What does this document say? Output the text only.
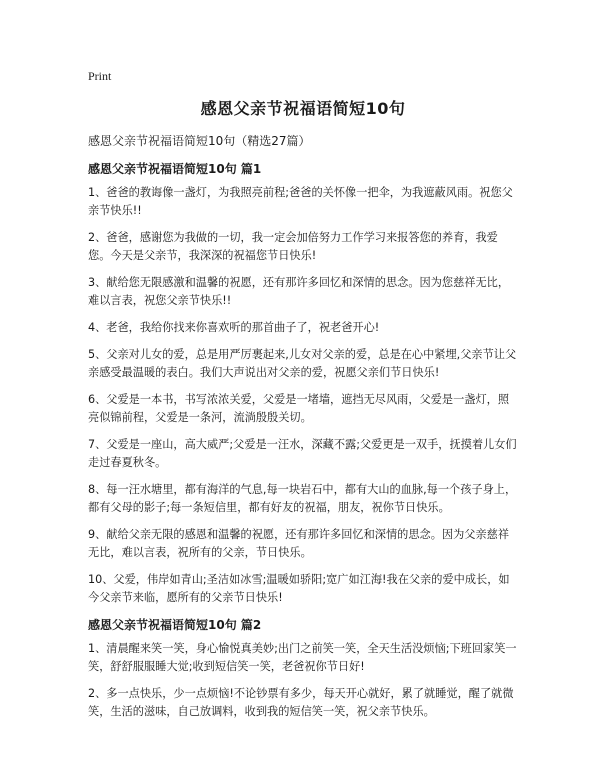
Print
感恩父亲节祝福语简短10句
感恩父亲节祝福语简短10句（精选27篇）
感恩父亲节祝福语简短10句 篇1

1、爸爸的教诲像一盏灯，为我照亮前程;爸爸的关怀像一把伞，为我遮蔽风雨。祝您父亲节快乐!!

2、爸爸，感谢您为我做的一切，我一定会加倍努力工作学习来报答您的养育，我爱您。今天是父亲节，我深深的祝福您节日快乐!

3、献给您无限感激和温馨的祝愿，还有那许多回忆和深情的思念。因为您慈祥无比，难以言表，祝您父亲节快乐!!

4、老爸，我给你找来你喜欢听的那首曲子了，祝老爸开心!

5、父亲对儿女的爱，总是用严厉裹起来,儿女对父亲的爱，总是在心中紧埋,父亲节让父亲感受最温暖的表白。我们大声说出对父亲的爱，祝愿父亲们节日快乐!

6、父爱是一本书，书写浓浓关爱，父爱是一堵墙，遮挡无尽风雨，父爱是一盏灯，照亮似锦前程，父爱是一条河，流淌殷殷关切。

7、父爱是一座山，高大威严;父爱是一汪水，深藏不露;父爱更是一双手，抚摸着儿女们走过春夏秋冬。

8、每一汪水塘里，都有海洋的气息,每一块岩石中，都有大山的血脉,每一个孩子身上，都有父母的影子;每一条短信里，都有好友的祝福，朋友，祝你节日快乐。

9、献给父亲无限的感恩和温馨的祝愿，还有那许多回忆和深情的思念。因为父亲慈祥无比，难以言表，祝所有的父亲，节日快乐。

10、父爱，伟岸如青山;圣洁如冰雪;温暖如骄阳;宽广如江海!我在父亲的爱中成长，如今父亲节来临，愿所有的父亲节日快乐!

感恩父亲节祝福语简短10句 篇2

1、清晨醒来笑一笑，身心愉悦真美妙;出门之前笑一笑，全天生活没烦恼;下班回家笑一笑，舒舒服服睡大觉;收到短信笑一笑，老爸祝你节日好!

2、多一点快乐，少一点烦恼!不论钞票有多少，每天开心就好，累了就睡觉，醒了就微笑，生活的滋味，自己放调料，收到我的短信笑一笑，祝父亲节快乐。
